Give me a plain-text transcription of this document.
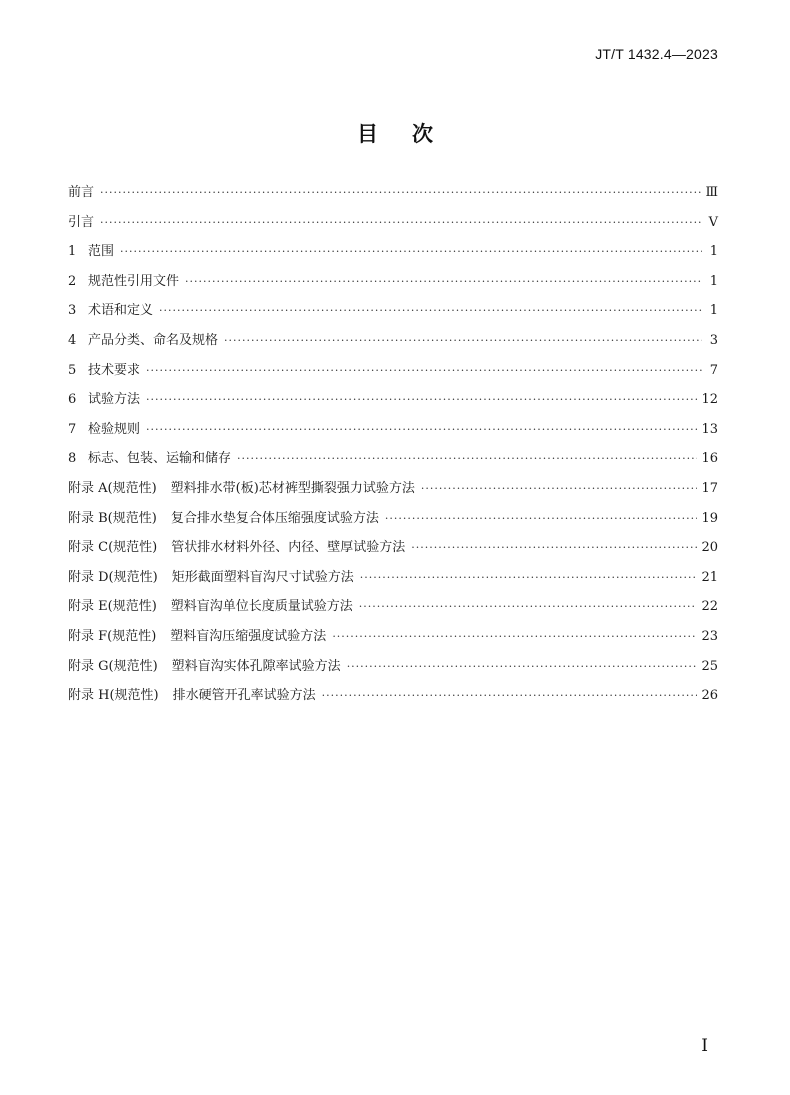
JT/T 1432.4—2023
目 次
前言 ·····	Ⅲ
引言 ·····	Ⅴ
1 范围 ·····	1
2 规范性引用文件 ·····	1
3 术语和定义 ·····	1
4 产品分类、命名及规格 ·····	3
5 技术要求 ·····	7
6 试验方法 ·····	12
7 检验规则 ·····	13
8 标志、包装、运输和储存 ·····	16
附录 A(规范性) 塑料排水带(板)芯材裤型撕裂强力试验方法 ·····	17
附录 B(规范性) 复合排水垫复合体压缩强度试验方法 ·····	19
附录 C(规范性) 管状排水材料外径、内径、壁厚试验方法 ·····	20
附录 D(规范性) 矩形截面塑料盲沟尺寸试验方法 ·····	21
附录 E(规范性) 塑料盲沟单位长度质量试验方法 ·····	22
附录 F(规范性) 塑料盲沟压缩强度试验方法 ·····	23
附录 G(规范性) 塑料盲沟实体孔隙率试验方法 ·····	25
附录 H(规范性) 排水硬管开孔率试验方法 ·····	26
Ⅰ
